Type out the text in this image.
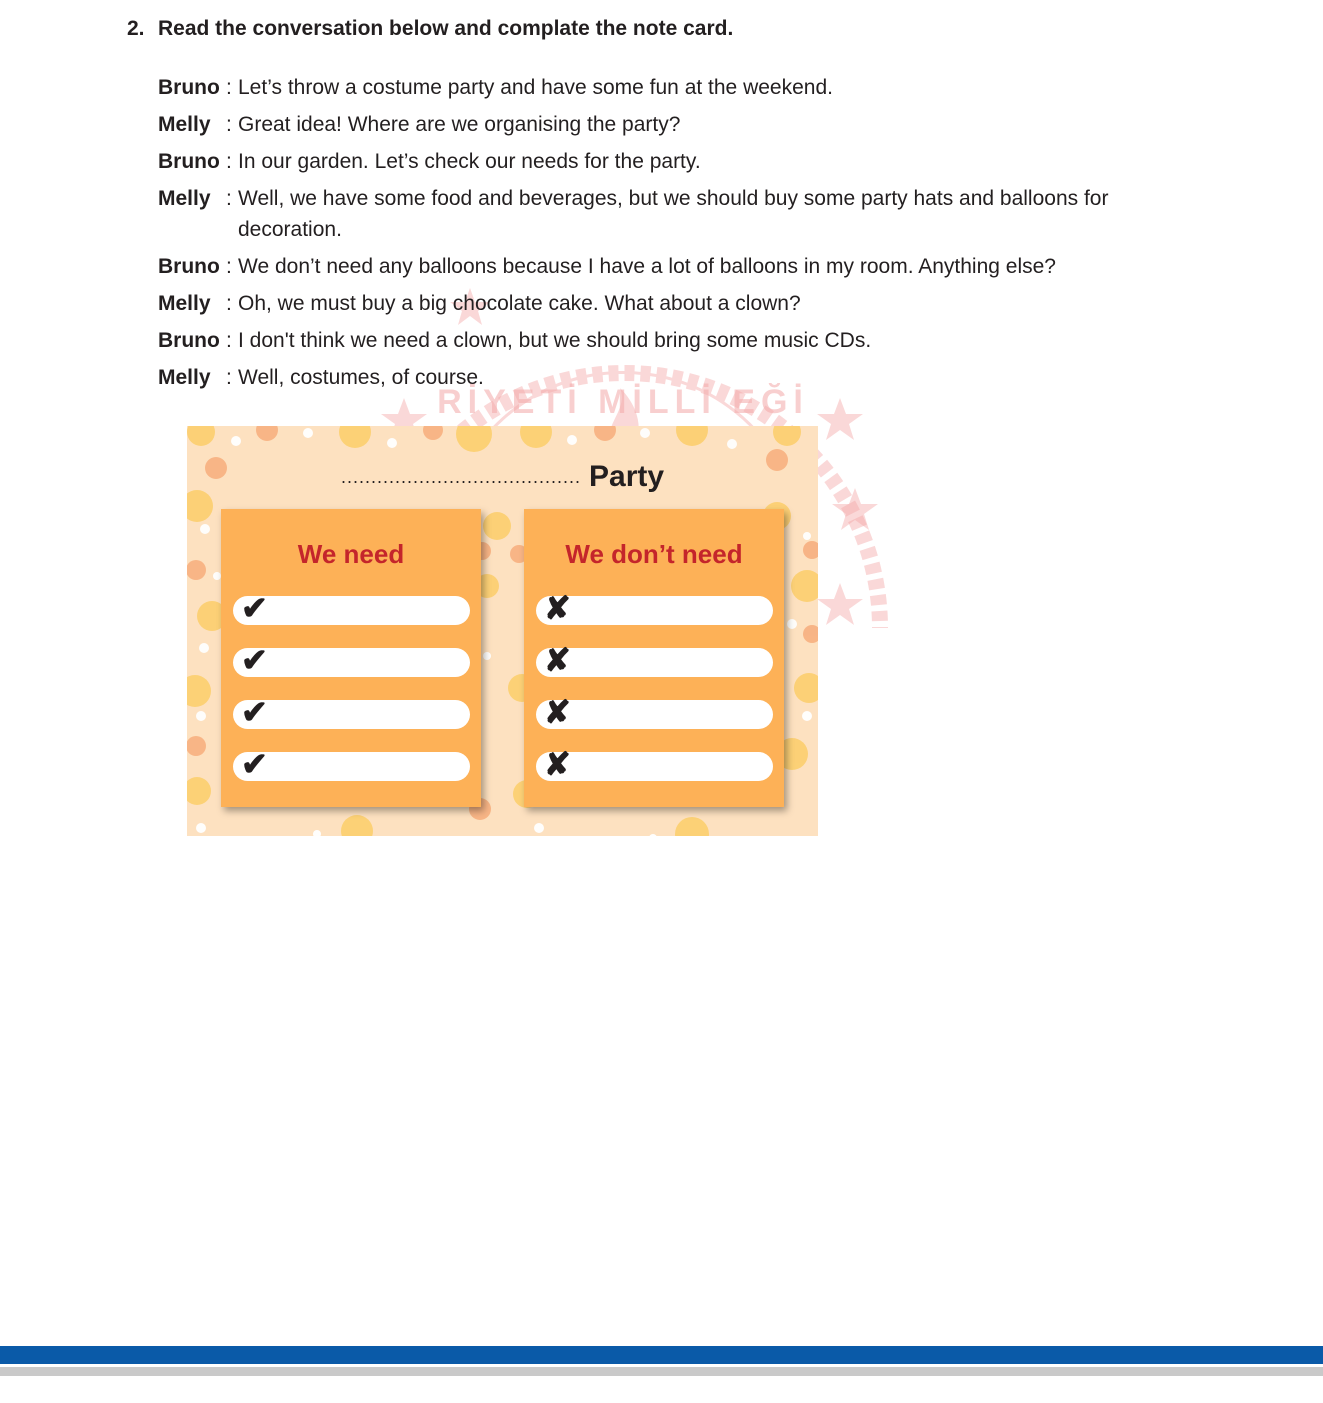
2. Read the conversation below and complate the note card.
RİYETİ MİLLİ EĞİ
Bruno : Let’s throw a costume party and have some fun at the weekend.
Melly : Great idea! Where are we organising the party?
Bruno : In our garden. Let’s check our needs for the party.
Melly : Well, we have some food and beverages, but we should buy some party hats and balloons for decoration.
Bruno : We don’t need any balloons because I have a lot of balloons in my room. Anything else?
Melly : Oh, we must buy a big chocolate cake. What about a clown?
Bruno : I don't think we need a clown, but we should bring some music CDs.
Melly : Well, costumes, of course.
........................................ Party
We need
✔
✔
✔
✔
We don’t need
✘
✘
✘
✘
